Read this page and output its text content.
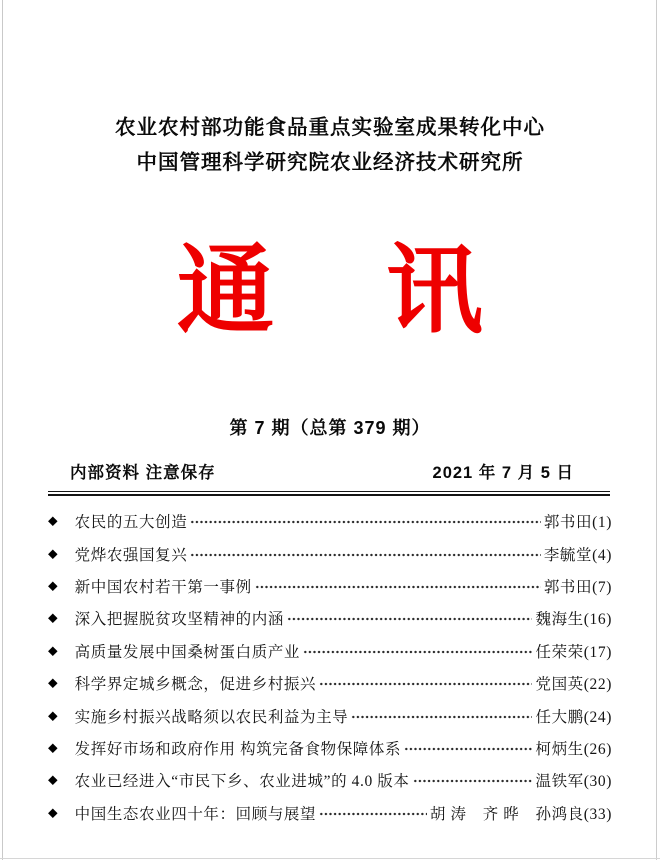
农业农村部功能食品重点实验室成果转化中心
中国管理科学研究院农业经济技术研究所
通 讯
第 7 期（总第 379 期）
内部资料 注意保存	2021 年 7 月 5 日
◆ 农民的五大创造	郭书田(1)
◆ 党烨农强国复兴	李毓堂(4)
◆ 新中国农村若干第一事例	郭书田(7)
◆ 深入把握脱贫攻坚精神的内涵	魏海生(16)
◆ 高质量发展中国桑树蛋白质产业	任荣荣(17)
◆ 科学界定城乡概念，促进乡村振兴	党国英(22)
◆ 实施乡村振兴战略须以农民利益为主导	任大鹏(24)
◆ 发挥好市场和政府作用 构筑完备食物保障体系	柯炳生(26)
◆ 农业已经进入“市民下乡、农业进城”的 4.0 版本	温铁军(30)
◆ 中国生态农业四十年：回顾与展望	胡 涛　齐 晔　孙鸿良(33)
